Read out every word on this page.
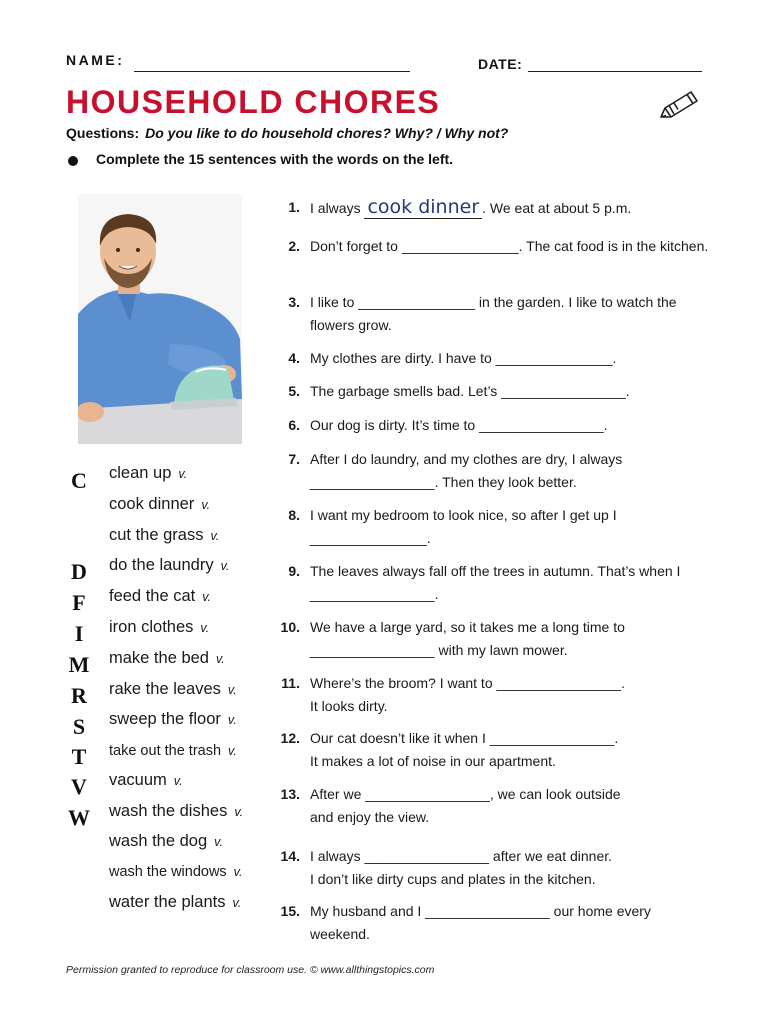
NAME:	DATE:
HOUSEHOLD CHORES
Questions: Do you like to do household chores? Why? / Why not?
Complete the 15 sentences with the words on the left.
C
D
F
I
M
R
S
T
V
W
clean up v.
cook dinner v.
cut the grass v.
do the laundry v.
feed the cat v.
iron clothes v.
make the bed v.
rake the leaves v.
sweep the floor v.
take out the trash v.
vacuum v.
wash the dishes v.
wash the dog v.
wash the windows v.
water the plants v.
1. I always cook dinner . We eat at about 5 p.m.
2. Don’t forget to _______________. The cat food is in the kitchen.
3. I like to _______________ in the garden. I like to watch the flowers grow.
4. My clothes are dirty. I have to _______________.
5. The garbage smells bad. Let’s ________________.
6. Our dog is dirty. It’s time to ________________.
7. After I do laundry, and my clothes are dry, I always ________________. Then they look better.
8. I want my bedroom to look nice, so after I get up I _______________.
9. The leaves always fall off the trees in autumn. That’s when I ________________.
10. We have a large yard, so it takes me a long time to ________________ with my lawn mower.
11. Where’s the broom? I want to ________________.
It looks dirty.
12. Our cat doesn’t like it when I ________________.
It makes a lot of noise in our apartment.
13. After we ________________, we can look outside
and enjoy the view.
14. I always ________________ after we eat dinner.
I don’t like dirty cups and plates in the kitchen.
15. My husband and I ________________ our home every weekend.
Permission granted to reproduce for classroom use. © www.allthingstopics.com
